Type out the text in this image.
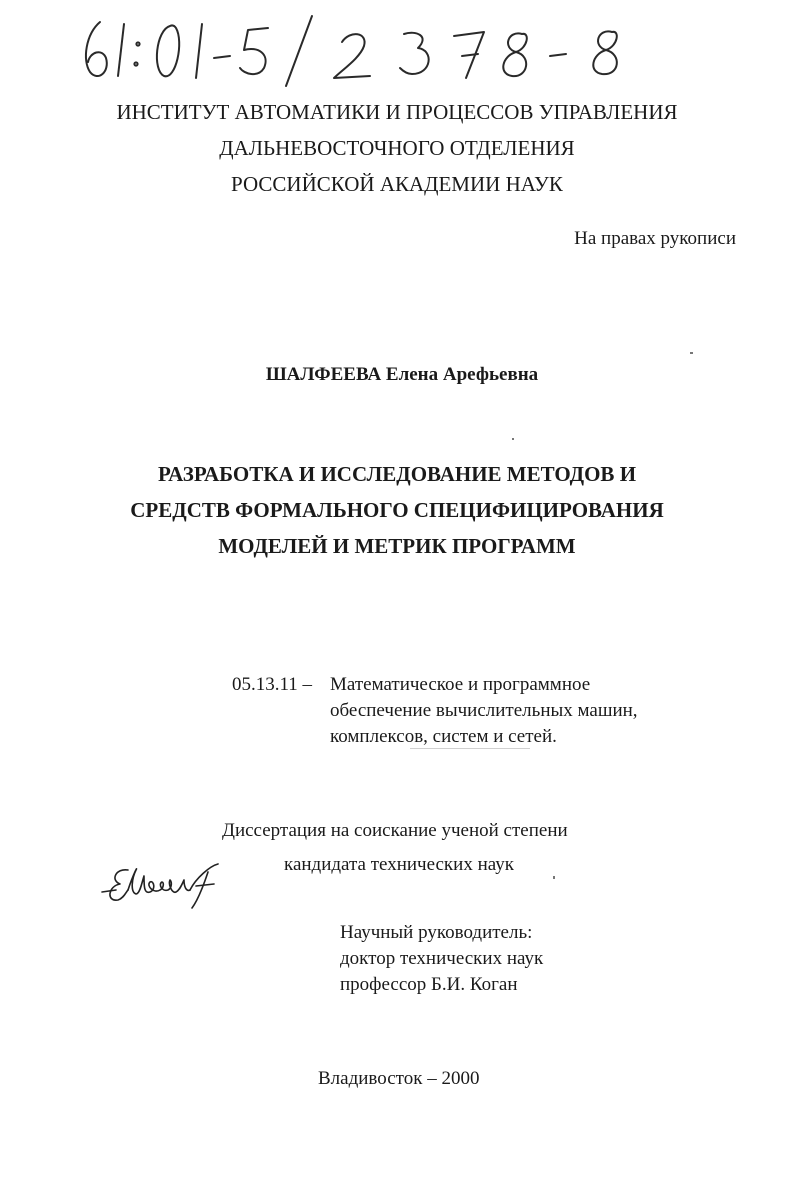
ИНСТИТУТ АВТОМАТИКИ И ПРОЦЕССОВ УПРАВЛЕНИЯ
ДАЛЬНЕВОСТОЧНОГО ОТДЕЛЕНИЯ
РОССИЙСКОЙ АКАДЕМИИ НАУК
На правах рукописи
ШАЛФЕЕВА Елена Арефьевна
РАЗРАБОТКА И ИССЛЕДОВАНИЕ МЕТОДОВ И
СРЕДСТВ ФОРМАЛЬНОГО СПЕЦИФИЦИРОВАНИЯ
МОДЕЛЕЙ И МЕТРИК ПРОГРАММ
05.13.11 – Математическое и программное
обеспечение вычислительных машин,
комплексов, систем и сетей.
Диссертация на соискание ученой степени
кандидата технических наук
Научный руководитель:
доктор технических наук
профессор Б.И. Коган
Владивосток – 2000
